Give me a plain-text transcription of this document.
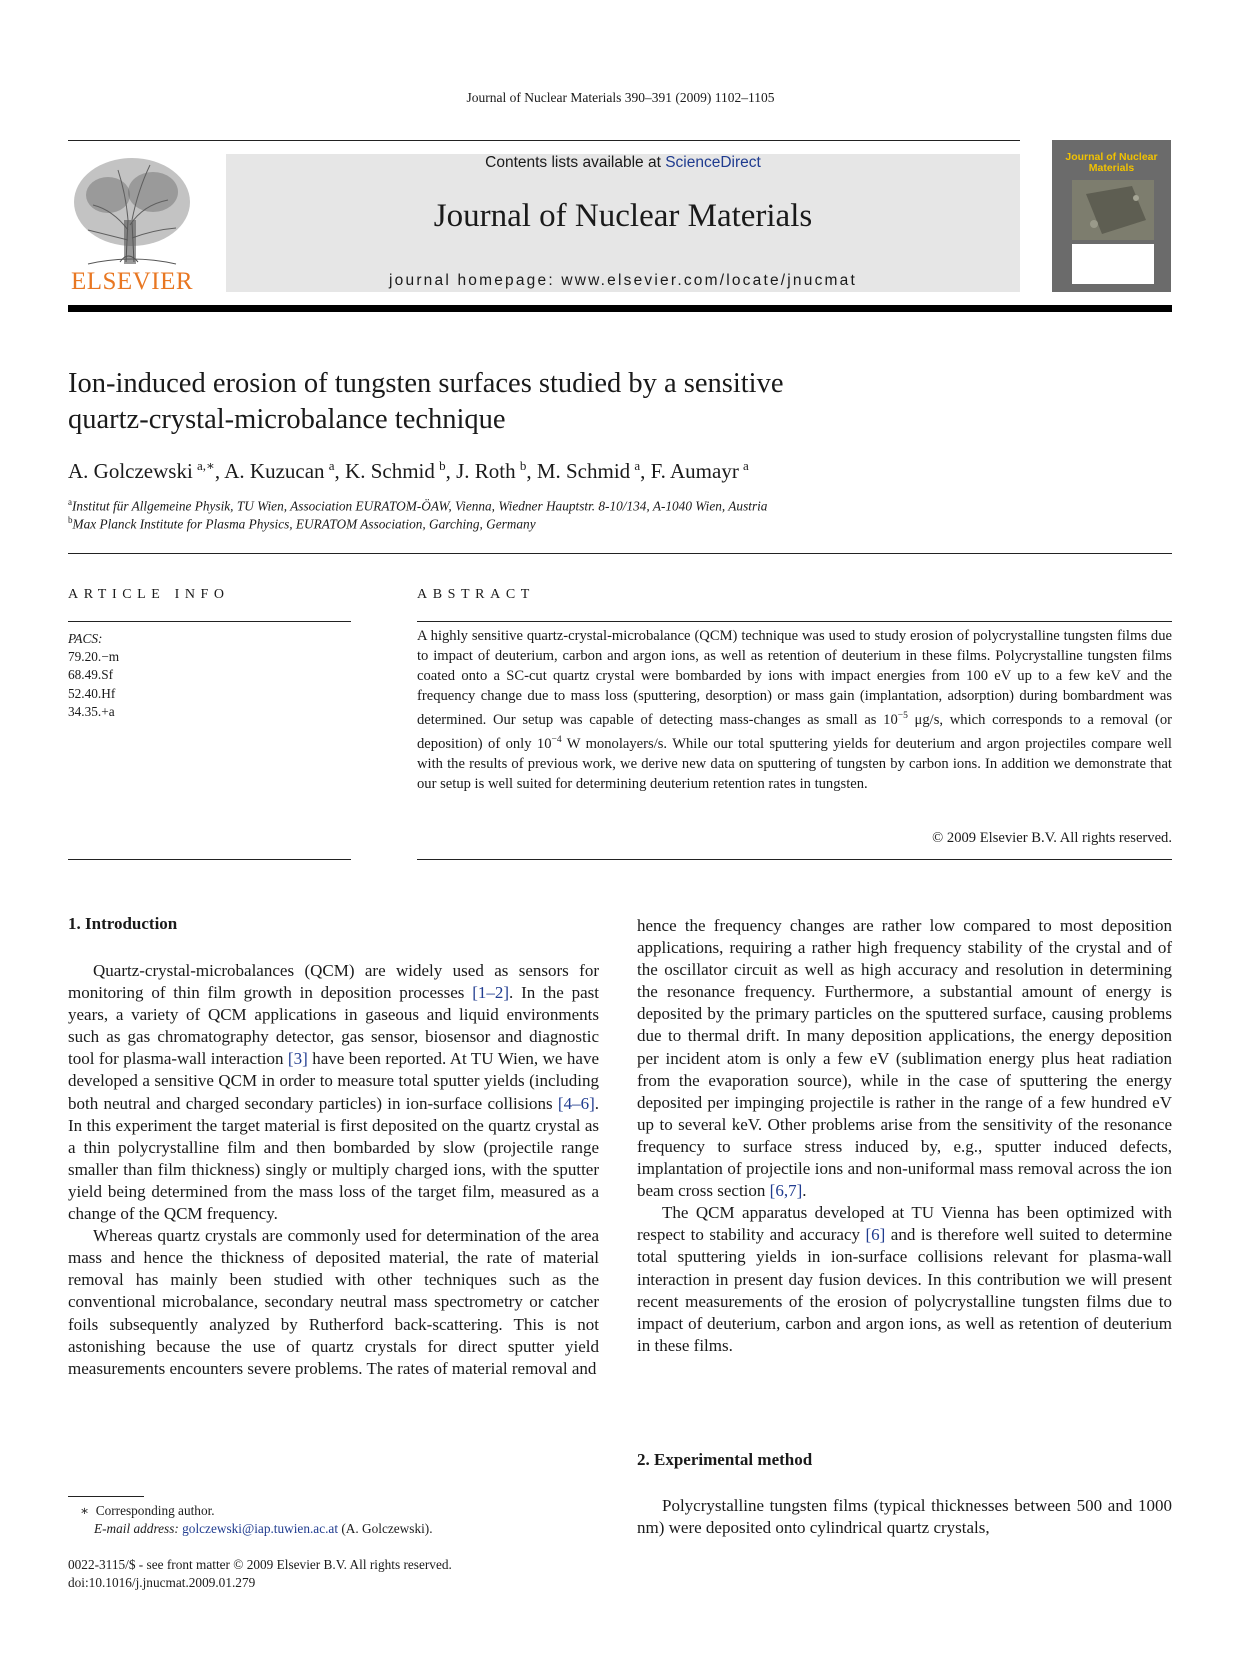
Journal of Nuclear Materials 390–391 (2009) 1102–1105
ELSEVIER
Contents lists available at ScienceDirect
Journal of Nuclear Materials
journal homepage: www.elsevier.com/locate/jnucmat
Journal of Nuclear Materials
Ion-induced erosion of tungsten surfaces studied by a sensitive
quartz-crystal-microbalance technique
A. Golczewski  $^{a,∗}$, A. Kuzucan  $^a$, K. Schmid  $^b$, J. Roth  $^b$, M. Schmid  $^a$, F. Aumayr  $^a$
$^a$Institut für Allgemeine Physik, TU Wien, Association EURATOM-ÖAW, Vienna, Wiedner Hauptstr. 8-10/134, A-1040 Wien, Austria
$^b$Max Planck Institute for Plasma Physics, EURATOM Association, Garching, Germany
ARTICLE INFO
PACS:
79.20.−m
68.49.Sf
52.40.Hf
34.35.+a
ABSTRACT
A highly sensitive quartz-crystal-microbalance (QCM) technique was used to study erosion of polycrystalline tungsten films due to impact of deuterium, carbon and argon ions, as well as retention of deuterium in these films. Polycrystalline tungsten films coated onto a SC-cut quartz crystal were bombarded by ions with impact energies from 100 eV up to a few keV and the frequency change due to mass loss (sputtering, desorption) or mass gain (implantation, adsorption) during bombardment was determined. Our setup was capable of detecting mass-changes as small as $10^{-5}$ μg/s, which corresponds to a removal (or deposition) of only $10^{-4}$ W monolayers/s. While our total sputtering yields for deuterium and argon projectiles compare well with the results of previous work, we derive new data on sputtering of tungsten by carbon ions. In addition we demonstrate that our setup is well suited for determining deuterium retention rates in tungsten.
© 2009 Elsevier B.V. All rights reserved.
1. Introduction

Quartz-crystal-microbalances (QCM) are widely used as sensors for monitoring of thin film growth in deposition processes [1–2]. In the past years, a variety of QCM applications in gaseous and liquid environments such as gas chromatography detector, gas sensor, biosensor and diagnostic tool for plasma-wall interaction [3] have been reported. At TU Wien, we have developed a sensitive QCM in order to measure total sputter yields (including both neutral and charged secondary particles) in ion-surface collisions [4–6]. In this experiment the target material is first deposited on the quartz crystal as a thin polycrystalline film and then bombarded by slow (projectile range smaller than film thickness) singly or multiply charged ions, with the sputter yield being determined from the mass loss of the target film, measured as a change of the QCM frequency.

Whereas quartz crystals are commonly used for determination of the area mass and hence the thickness of deposited material, the rate of material removal has mainly been studied with other techniques such as the conventional microbalance, secondary neutral mass spectrometry or catcher foils subsequently analyzed by Rutherford back-scattering. This is not astonishing because the use of quartz crystals for direct sputter yield measurements encounters severe problems. The rates of material removal and

hence the frequency changes are rather low compared to most deposition applications, requiring a rather high frequency stability of the crystal and of the oscillator circuit as well as high accuracy and resolution in determining the resonance frequency. Furthermore, a substantial amount of energy is deposited by the primary particles on the sputtered surface, causing problems due to thermal drift. In many deposition applications, the energy deposition per incident atom is only a few eV (sublimation energy plus heat radiation from the evaporation source), while in the case of sputtering the energy deposited per impinging projectile is rather in the range of a few hundred eV up to several keV. Other problems arise from the sensitivity of the resonance frequency to surface stress induced by, e.g., sputter induced defects, implantation of projectile ions and non-uniformal mass removal across the ion beam cross section [6,7].

The QCM apparatus developed at TU Vienna has been optimized with respect to stability and accuracy [6] and is therefore well suited to determine total sputtering yields in ion-surface collisions relevant for plasma-wall interaction in present day fusion devices. In this contribution we will present recent measurements of the erosion of polycrystalline tungsten films due to impact of deuterium, carbon and argon ions, as well as retention of deuterium in these films.

2. Experimental method

Polycrystalline tungsten films (typical thicknesses between 500 and 1000 nm) were deposited onto cylindrical quartz crystals,

∗ Corresponding author.
E-mail address: golczewski@iap.tuwien.ac.at (A. Golczewski).
0022-3115/$ - see front matter © 2009 Elsevier B.V. All rights reserved.
doi:10.1016/j.jnucmat.2009.01.279
